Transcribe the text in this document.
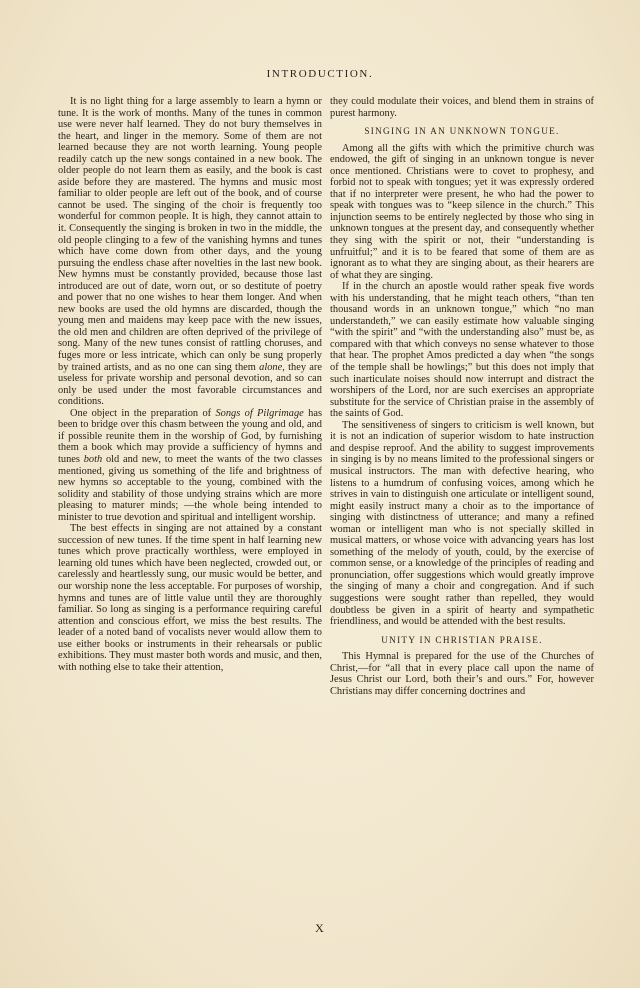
INTRODUCTION.

It is no light thing for a large assembly to learn a hymn or tune. It is the work of months. Many of the tunes in common use were never half learned. They do not bury themselves in the heart, and linger in the memory. Some of them are not learned because they are not worth learning. Young people readily catch up the new songs contained in a new book. The older people do not learn them as easily, and the book is cast aside before they are mastered. The hymns and music most familiar to older people are left out of the book, and of course cannot be used. The singing of the choir is frequently too wonderful for common people. It is high, they cannot attain to it. Consequently the singing is broken in two in the middle, the old people clinging to a few of the vanishing hymns and tunes which have come down from other days, and the young pursuing the endless chase after novelties in the last new book. New hymns must be constantly provided, because those last introduced are out of date, worn out, or so destitute of poetry and power that no one wishes to hear them longer. And when new books are used the old hymns are discarded, though the young men and maidens may keep pace with the new issues, the old men and children are often deprived of the privilege of song. Many of the new tunes consist of rattling choruses, and fuges more or less intricate, which can only be sung properly by trained artists, and as no one can sing them alone, they are useless for private worship and personal devotion, and so can only be used under the most favorable circumstances and conditions.

One object in the preparation of Songs of Pilgrimage has been to bridge over this chasm between the young and old, and if possible reunite them in the worship of God, by furnishing them a book which may provide a sufficiency of hymns and tunes both old and new, to meet the wants of the two classes mentioned, giving us something of the life and brightness of new hymns so acceptable to the young, combined with the solidity and stability of those undying strains which are more pleasing to maturer minds; —the whole being intended to minister to true devotion and spiritual and intelligent worship.

The best effects in singing are not attained by a constant succession of new tunes. If the time spent in half learning new tunes which prove practically worthless, were employed in learning old tunes which have been neglected, crowded out, or carelessly and heartlessly sung, our music would be better, and our worship none the less acceptable. For purposes of worship, hymns and tunes are of little value until they are thoroughly familiar. So long as singing is a performance requiring careful attention and conscious effort, we miss the best results. The leader of a noted band of vocalists never would allow them to use either books or instruments in their rehearsals or public exhibitions. They must master both words and music, and then, with nothing else to take their attention,

they could modulate their voices, and blend them in strains of purest harmony.

SINGING IN AN UNKNOWN TONGUE.

Among all the gifts with which the primitive church was endowed, the gift of singing in an unknown tongue is never once mentioned. Christians were to covet to prophesy, and forbid not to speak with tongues; yet it was expressly ordered that if no interpreter were present, he who had the power to speak with tongues was to “keep silence in the church.” This injunction seems to be entirely neglected by those who sing in unknown tongues at the present day, and consequently whether they sing with the spirit or not, their “understanding is unfruitful;” and it is to be feared that some of them are as ignorant as to what they are singing about, as their hearers are of what they are singing.

If in the church an apostle would rather speak five words with his understanding, that he might teach others, “than ten thousand words in an unknown tongue,” which “no man understandeth,” we can easily estimate how valuable singing “with the spirit” and “with the understanding also” must be, as compared with that which conveys no sense whatever to those that hear. The prophet Amos predicted a day when “the songs of the temple shall be howlings;” but this does not imply that such inarticulate noises should now interrupt and distract the worshipers of the Lord, nor are such exercises an appropriate substitute for the service of Christian praise in the assembly of the saints of God.

The sensitiveness of singers to criticism is well known, but it is not an indication of superior wisdom to hate instruction and despise reproof. And the ability to suggest improvements in singing is by no means limited to the professional singers or musical instructors. The man with defective hearing, who listens to a humdrum of confusing voices, among which he strives in vain to distinguish one articulate or intelligent sound, might easily instruct many a choir as to the importance of singing with distinctness of utterance; and many a refined woman or intelligent man who is not specially skilled in musical matters, or whose voice with advancing years has lost something of the melody of youth, could, by the exercise of common sense, or a knowledge of the principles of reading and pronunciation, offer suggestions which would greatly improve the singing of many a choir and congregation. And if such suggestions were sought rather than repelled, they would doubtless be given in a spirit of hearty and sympathetic friendliness, and would be attended with the best results.

UNITY IN CHRISTIAN PRAISE.

This Hymnal is prepared for the use of the Churches of Christ,—for “all that in every place call upon the name of Jesus Christ our Lord, both their’s and ours.” For, however Christians may differ concerning doctrines and

X
